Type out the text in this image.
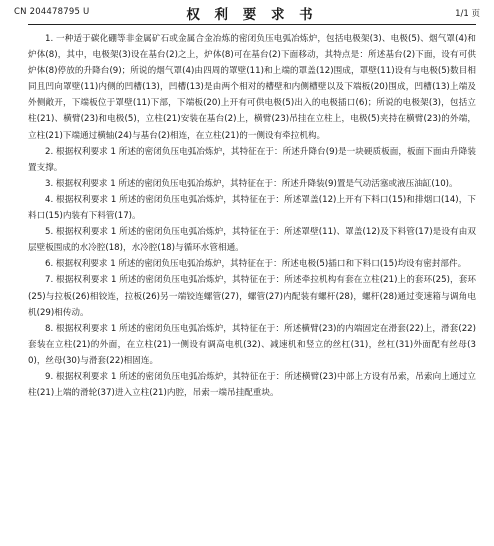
CN 204478795 U	权 利 要 求 书	1/1 页

1. 一种适于碳化硼等非金属矿石或金属合金冶炼的密闭负压电弧冶炼炉，包括电极架(3)、电极(5)、烟气罩(4)和炉体(8)，其中，电极架(3)设在基台(2)之上，炉体(8)可在基台(2)下面移动，其特点是：所述基台(2)下面，设有可供炉体(8)停放的升降台(9)；所说的烟气罩(4)由四周的罩壁(11)和上端的罩盖(12)围成，罩壁(11)设有与电极(5)数目相同且凹向罩壁(11)内侧的凹槽(13)，凹槽(13)是由两个相对的槽壁和内侧槽壁以及下端板(20)围成，凹槽(13)上端及外侧敞开，下端板位于罩壁(11)下部，下端板(20)上开有可供电极(5)出入的电极插口(6)；所说的电极架(3)，包括立柱(21)、横臂(23)和电极(5)，立柱(21)安装在基台(2)上，横臂(23)吊挂在立柱上，电极(5)夹持在横臂(23)的外端，立柱(21)下端通过横轴(24)与基台(2)相连，在立柱(21)的一侧设有牵拉机构。

2. 根据权利要求 1 所述的密闭负压电弧冶炼炉，其特征在于：所述升降台(9)是一块硬质板面，板面下面由升降装置支撑。

3. 根据权利要求 1 所述的密闭负压电弧冶炼炉，其特征在于：所述升降装(9)置是气动活塞或液压油缸(10)。

4. 根据权利要求 1 所述的密闭负压电弧冶炼炉，其特征在于：所述罩盖(12)上开有下料口(15)和排烟口(14)，下料口(15)内装有下料管(17)。

5. 根据权利要求 1 所述的密闭负压电弧冶炼炉，其特征在于：所述罩壁(11)、罩盖(12)及下料管(17)是设有由双层壁板围成的水冷腔(18)，水冷腔(18)与循环水管相通。

6. 根据权利要求 1 所述的密闭负压电弧冶炼炉，其特征在于：所述电极(5)插口和下料口(15)均设有密封部件。

7. 根据权利要求 1 所述的密闭负压电弧冶炼炉，其特征在于：所述牵拉机构有套在立柱(21)上的套环(25)，套环(25)与拉板(26)相铰连，拉板(26)另一端铰连螺管(27)，螺管(27)内配装有螺杆(28)，螺杆(28)通过变速箱与调角电机(29)相传动。

8. 根据权利要求 1 所述的密闭负压电弧冶炼炉，其特征在于：所述横臂(23)的内端固定在滑套(22)上，滑套(22)套装在立柱(21)的外面，在立柱(21)一侧设有调高电机(32)、减速机和竖立的丝杠(31)，丝杠(31)外面配有丝母(30)，丝母(30)与滑套(22)相固连。

9. 根据权利要求 1 所述的密闭负压电弧冶炼炉，其特征在于：所述横臂(23)中部上方设有吊索，吊索向上通过立柱(21)上端的滑轮(37)进入立柱(21)内腔，吊索一端吊挂配重块。
